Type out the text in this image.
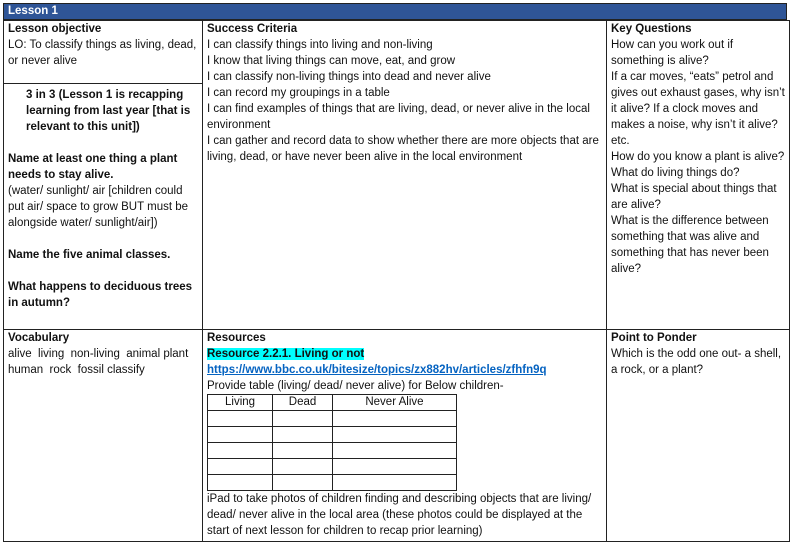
Lesson 1
Lesson objective
LO: To classify things as living, dead, or never alive
3 in 3 (Lesson 1 is recapping learning from last year [that is relevant to this unit])
Name at least one thing a plant needs to stay alive.
(water/ sunlight/ air [children could put air/ space to grow BUT must be alongside water/ sunlight/air])
Name the five animal classes.
What happens to deciduous trees in autumn?

Success Criteria
I can classify things into living and non-living
I know that living things can move, eat, and grow
I can classify non-living things into dead and never alive
I can record my groupings in a table
I can find examples of things that are living, dead, or never alive in the local environment
I can gather and record data to show whether there are more objects that are living, dead, or have never been alive in the local environment

Key Questions
How can you work out if something is alive?
If a car moves, “eats” petrol and gives out exhaust gases, why isn’t it alive? If a clock moves and makes a noise, why isn’t it alive? etc.
How do you know a plant is alive?
What do living things do?
What is special about things that are alive?
What is the difference between something that was alive and something that has never been alive?

Vocabulary
alive  living  non-living  animal plant  human  rock  fossil classify

Resources
Resource 2.2.1. Living or not
https://www.bbc.co.uk/bitesize/topics/zx882hv/articles/zfhfn9q
Provide table (living/ dead/ never alive) for Below children-
Living	Dead	Never Alive

iPad to take photos of children finding and describing objects that are living/ dead/ never alive in the local area (these photos could be displayed at the start of next lesson for children to recap prior learning)

Point to Ponder
Which is the odd one out- a shell, a rock, or a plant?
